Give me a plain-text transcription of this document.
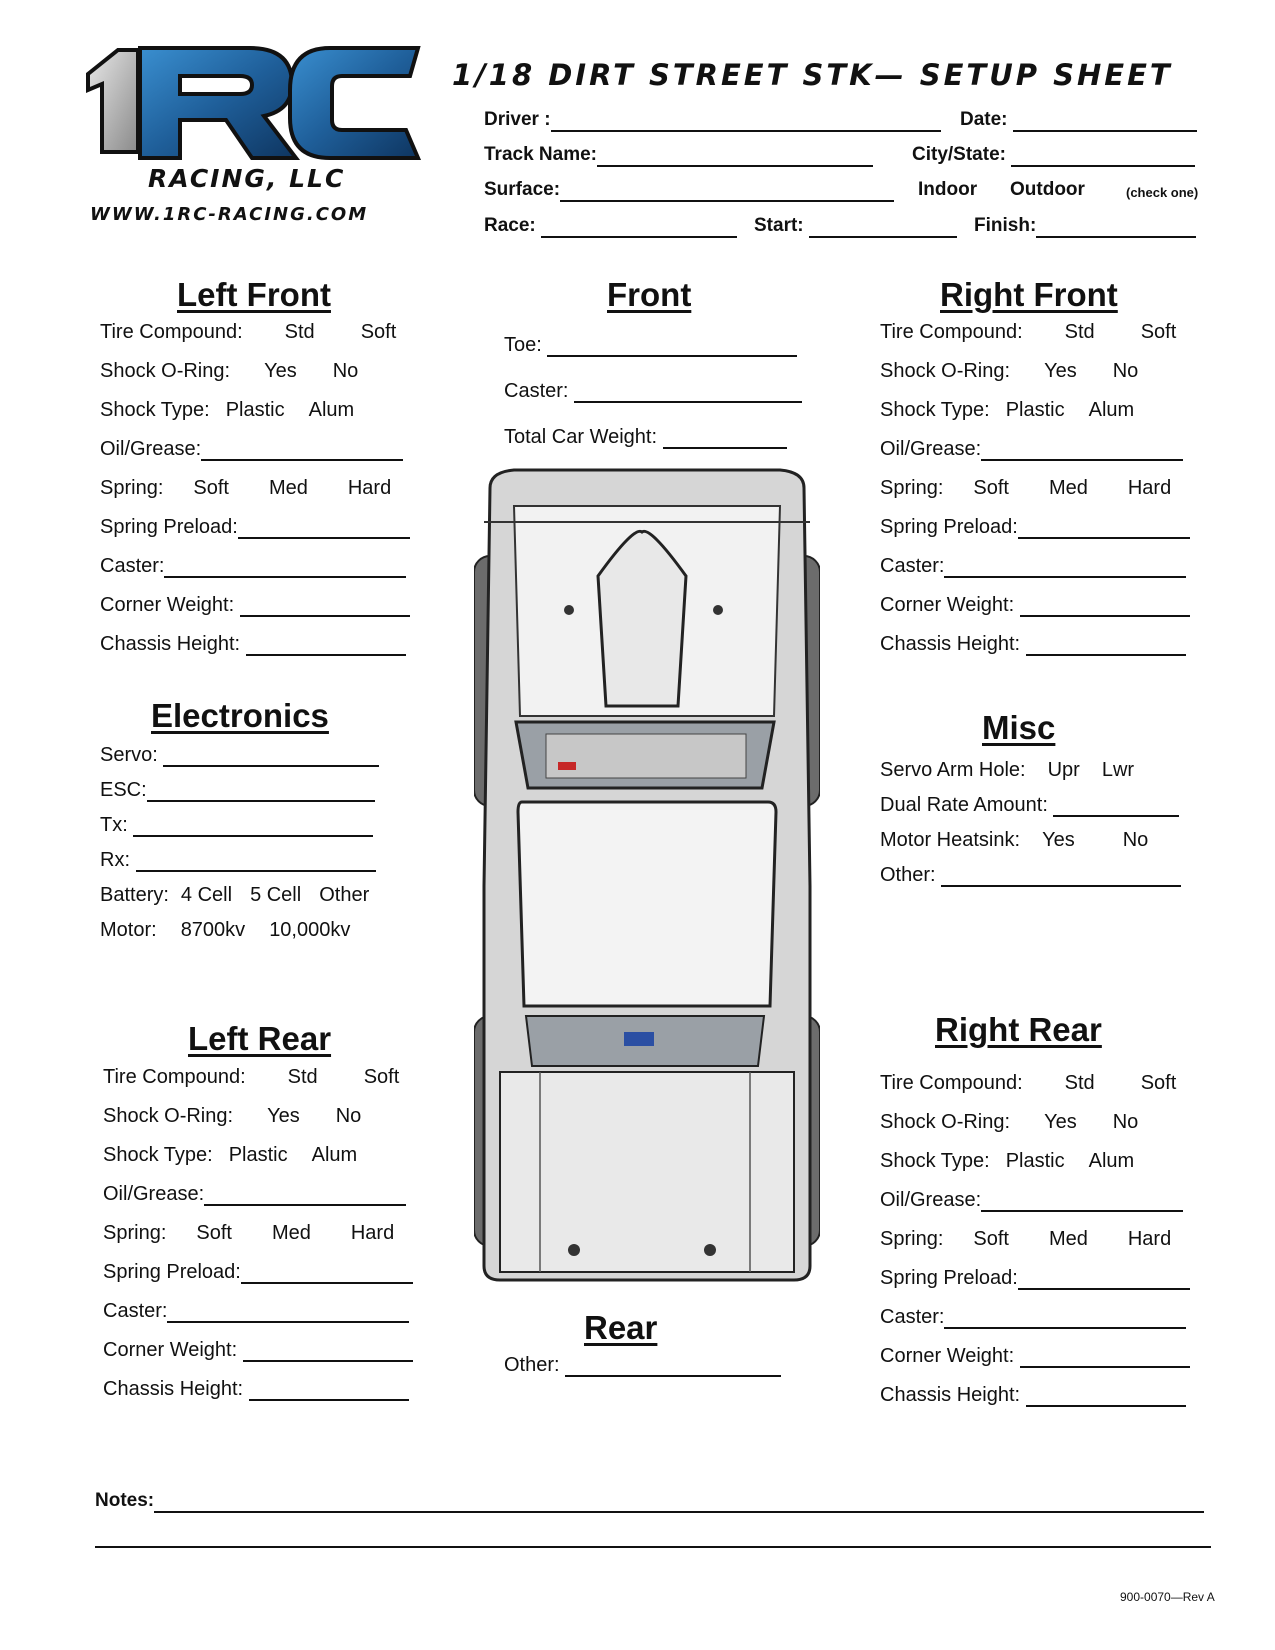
RACING, LLC
WWW.1RC-RACING.COM
1/18 DIRT STREET STK— SETUP SHEET
Driver :	Date:
Track Name:	City/State:
Surface:	Indoor Outdoor	(check one)
Race:	Start:	Finish:
Left Front	Front	Right Front
Electronics	Misc
Left Rear	Right Rear
Rear
Tire Compound: Std Soft
Shock O-Ring: Yes No
Shock Type: Plastic Alum
Oil/Grease:
Spring: Soft Med Hard
Spring Preload:
Caster:
Corner Weight:
Chassis Height:
Tire Compound: Std Soft
Shock O-Ring: Yes No
Shock Type: Plastic Alum
Oil/Grease:
Spring: Soft Med Hard
Spring Preload:
Caster:
Corner Weight:
Chassis Height:
Toe:
Caster:
Total Car Weight:
Other:
Servo:
ESC:
Tx:
Rx:
Battery: 4 Cell 5 Cell Other
Motor: 8700kv 10,000kv
Servo Arm Hole: Upr Lwr
Dual Rate Amount:
Motor Heatsink: Yes No
Other:
Tire Compound: Std Soft
Shock O-Ring: Yes No
Shock Type: Plastic Alum
Oil/Grease:
Spring: Soft Med Hard
Spring Preload:
Caster:
Corner Weight:
Chassis Height:
Tire Compound: Std Soft
Shock O-Ring: Yes No
Shock Type: Plastic Alum
Oil/Grease:
Spring: Soft Med Hard
Spring Preload:
Caster:
Corner Weight:
Chassis Height:
Notes:
900-0070—Rev A
